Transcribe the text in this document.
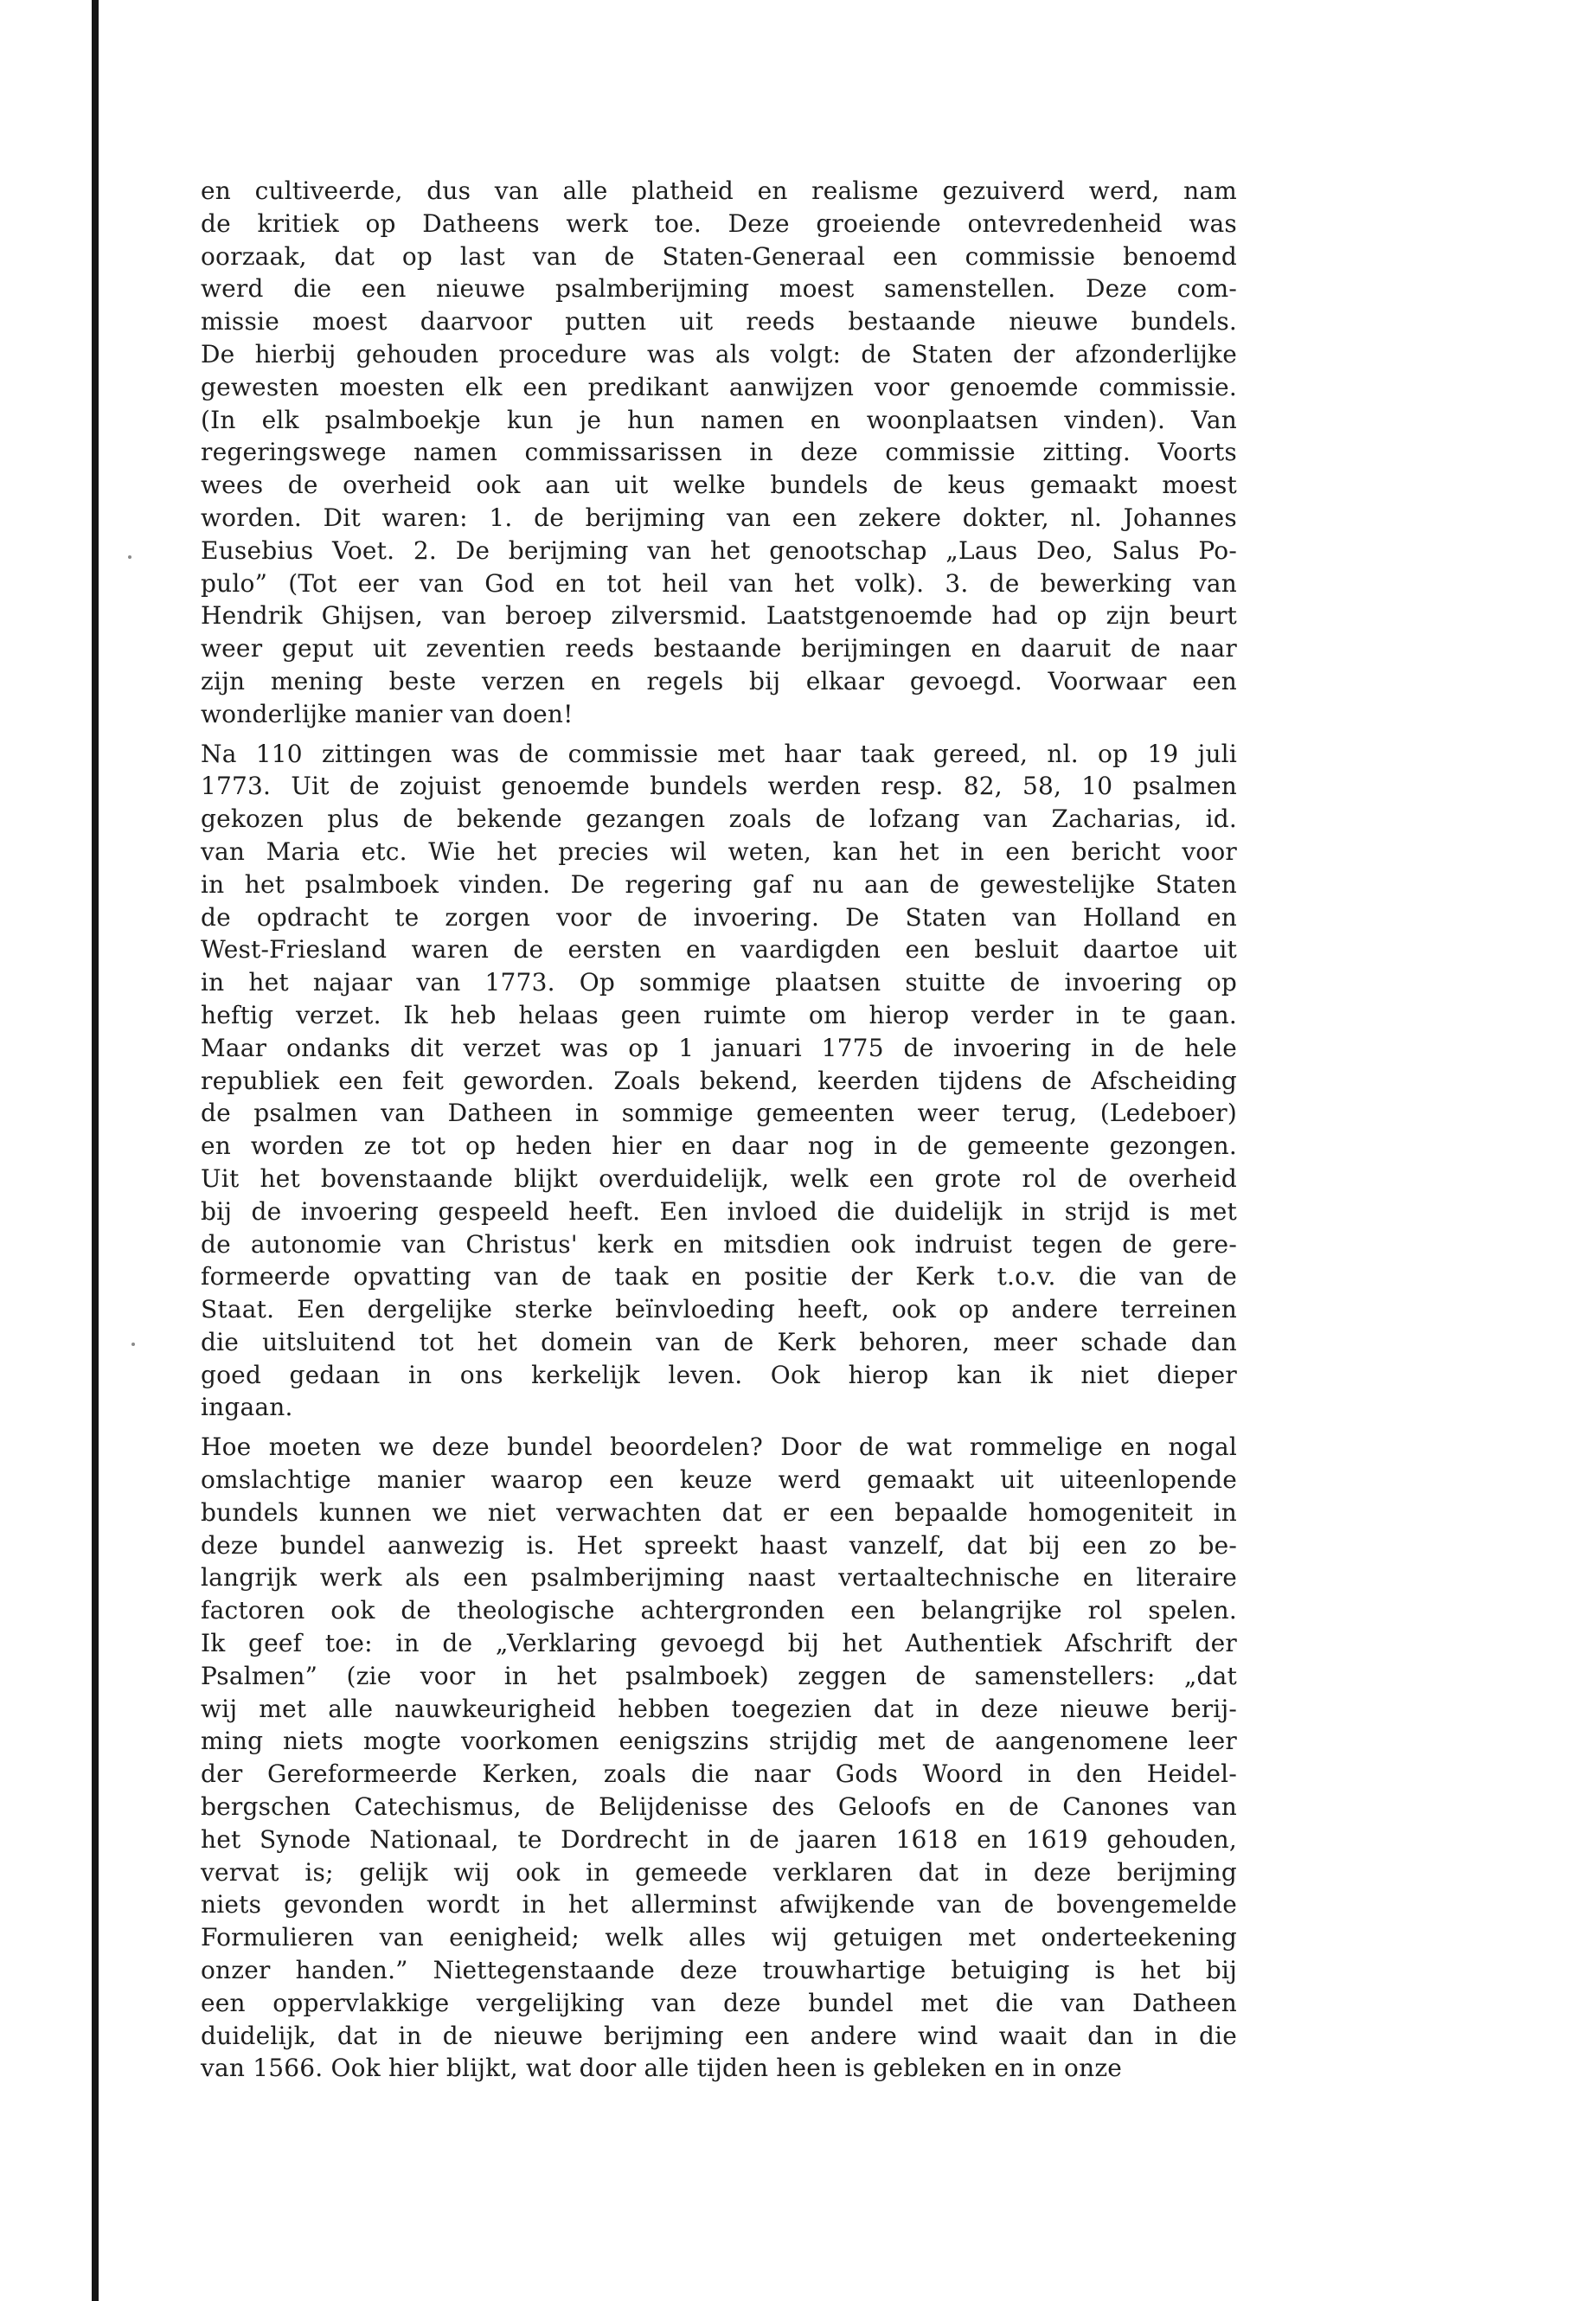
en cultiveerde, dus van alle platheid en realisme gezuiverd werd, nam
de kritiek op Datheens werk toe. Deze groeiende ontevredenheid was
oorzaak, dat op last van de Staten-Generaal een commissie benoemd
werd die een nieuwe psalmberijming moest samenstellen. Deze com-
missie moest daarvoor putten uit reeds bestaande nieuwe bundels.
De hierbij gehouden procedure was als volgt: de Staten der afzonderlijke
gewesten moesten elk een predikant aanwijzen voor genoemde commissie.
(In elk psalmboekje kun je hun namen en woonplaatsen vinden). Van
regeringswege namen commissarissen in deze commissie zitting. Voorts
wees de overheid ook aan uit welke bundels de keus gemaakt moest
worden. Dit waren: 1. de berijming van een zekere dokter, nl. Johannes
Eusebius Voet. 2. De berijming van het genootschap „Laus Deo, Salus Po-
pulo” (Tot eer van God en tot heil van het volk). 3. de bewerking van
Hendrik Ghijsen, van beroep zilversmid. Laatstgenoemde had op zijn beurt
weer geput uit zeventien reeds bestaande berijmingen en daaruit de naar
zijn mening beste verzen en regels bij elkaar gevoegd. Voorwaar een
wonderlijke manier van doen!
Na 110 zittingen was de commissie met haar taak gereed, nl. op 19 juli
1773. Uit de zojuist genoemde bundels werden resp. 82, 58, 10 psalmen
gekozen plus de bekende gezangen zoals de lofzang van Zacharias, id.
van Maria etc. Wie het precies wil weten, kan het in een bericht voor
in het psalmboek vinden. De regering gaf nu aan de gewestelijke Staten
de opdracht te zorgen voor de invoering. De Staten van Holland en
West-Friesland waren de eersten en vaardigden een besluit daartoe uit
in het najaar van 1773. Op sommige plaatsen stuitte de invoering op
heftig verzet. Ik heb helaas geen ruimte om hierop verder in te gaan.
Maar ondanks dit verzet was op 1 januari 1775 de invoering in de hele
republiek een feit geworden. Zoals bekend, keerden tijdens de Afscheiding
de psalmen van Datheen in sommige gemeenten weer terug, (Ledeboer)
en worden ze tot op heden hier en daar nog in de gemeente gezongen.
Uit het bovenstaande blijkt overduidelijk, welk een grote rol de overheid
bij de invoering gespeeld heeft. Een invloed die duidelijk in strijd is met
de autonomie van Christus' kerk en mitsdien ook indruist tegen de gere-
formeerde opvatting van de taak en positie der Kerk t.o.v. die van de
Staat. Een dergelijke sterke beïnvloeding heeft, ook op andere terreinen
die uitsluitend tot het domein van de Kerk behoren, meer schade dan
goed gedaan in ons kerkelijk leven. Ook hierop kan ik niet dieper
ingaan.
Hoe moeten we deze bundel beoordelen? Door de wat rommelige en nogal
omslachtige manier waarop een keuze werd gemaakt uit uiteenlopende
bundels kunnen we niet verwachten dat er een bepaalde homogeniteit in
deze bundel aanwezig is. Het spreekt haast vanzelf, dat bij een zo be-
langrijk werk als een psalmberijming naast vertaaltechnische en literaire
factoren ook de theologische achtergronden een belangrijke rol spelen.
Ik geef toe: in de „Verklaring gevoegd bij het Authentiek Afschrift der
Psalmen” (zie voor in het psalmboek) zeggen de samenstellers: „dat
wij met alle nauwkeurigheid hebben toegezien dat in deze nieuwe berij-
ming niets mogte voorkomen eenigszins strijdig met de aangenomene leer
der Gereformeerde Kerken, zoals die naar Gods Woord in den Heidel-
bergschen Catechismus, de Belijdenisse des Geloofs en de Canones van
het Synode Nationaal, te Dordrecht in de jaaren 1618 en 1619 gehouden,
vervat is; gelijk wij ook in gemeede verklaren dat in deze berijming
niets gevonden wordt in het allerminst afwijkende van de bovengemelde
Formulieren van eenigheid; welk alles wij getuigen met onderteekening
onzer handen.” Niettegenstaande deze trouwhartige betuiging is het bij
een oppervlakkige vergelijking van deze bundel met die van Datheen
duidelijk, dat in de nieuwe berijming een andere wind waait dan in die
van 1566. Ook hier blijkt, wat door alle tijden heen is gebleken en in onze
